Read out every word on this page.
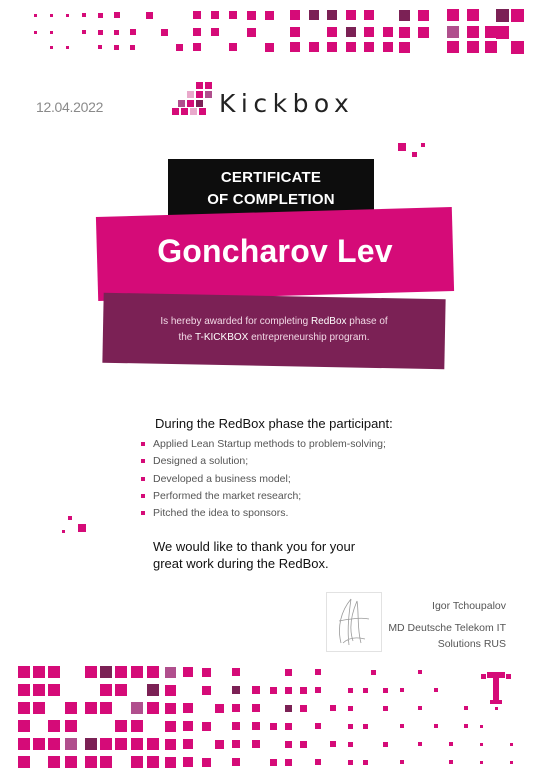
12.04.2022	Kickbox
CERTIFICATE
OF COMPLETION
Goncharov Lev
Is hereby awarded for completing RedBox phase of
the T-KICKBOX entrepreneurship program.
During the RedBox phase the participant:
Applied Lean Startup methods to problem-solving;
Designed a solution;
Developed a business model;
Performed the market research;
Pitched the idea to sponsors.
We would like to thank you for your
great work during the RedBox.
Igor Tchoupalov
MD Deutsche Telekom IT
Solutions RUS
